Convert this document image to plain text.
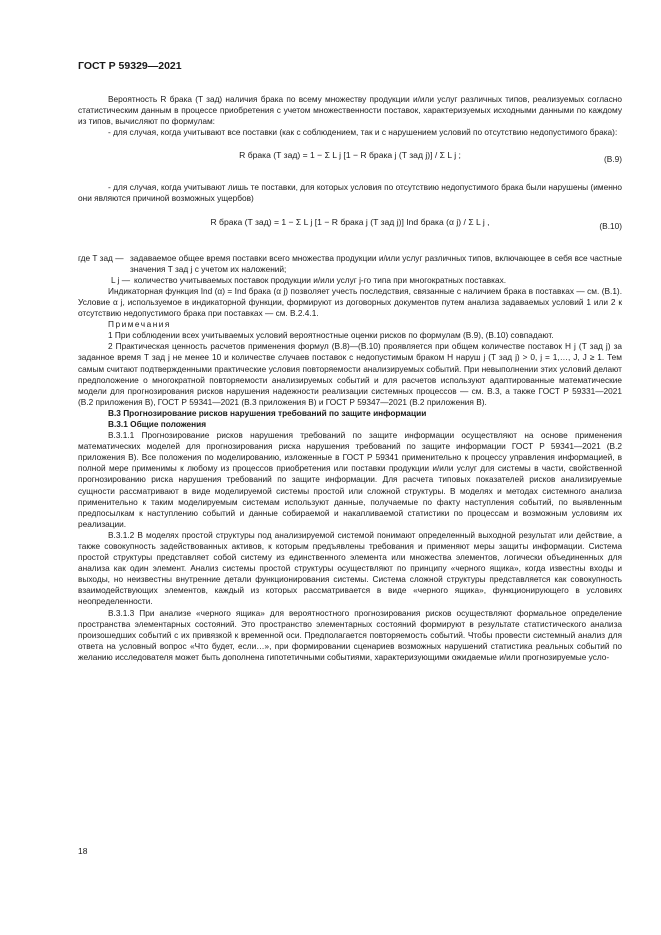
ГОСТ Р 59329—2021

Вероятность R брака (T зад) наличия брака по всему множеству продукции и/или услуг различных типов, реализуемых согласно статистическим данным в процессе приобретения с учетом множественности поставок, характеризуемых исходными данными по каждому из типов, вычисляют по формулам:

- для случая, когда учитывают все поставки (как с соблюдением, так и с нарушением условий по отсутствию недопустимого брака):

R брака (T зад) = 1 − Σ L j [1 − R брака j (T зад j)] / Σ L j ;	(В.9)

- для случая, когда учитывают лишь те поставки, для которых условия по отсутствию недопустимого брака были нарушены (именно они являются причиной возможных ущербов)

R брака (T зад) = 1 − Σ L j [1 − R брака j (T зад j)] Ind брака (α j) / Σ L j ,	(В.10)
где T зад — задаваемое общее время поставки всего множества продукции и/или услуг различных типов, включающее в себя все частные значения T зад j с учетом их наложений;
L j — количество учитываемых поставок продукции и/или услуг j-го типа при многократных поставках.

Индикаторная функция Ind (α) = Ind брака (α j) позволяет учесть последствия, связанные с наличием брака в поставках — см. (В.1). Условие α j, используемое в индикаторной функции, формируют из договорных документов путем анализа задаваемых условий 1 или 2 к отсутствию недопустимого брака при поставках — см. В.2.4.1.

Примечания

1 При соблюдении всех учитываемых условий вероятностные оценки рисков по формулам (В.9), (В.10) совпадают.

2 Практическая ценность расчетов применения формул (В.8)—(В.10) проявляется при общем количестве поставок H j (T зад j) за заданное время T зад j не менее 10 и количестве случаев поставок с недопустимым браком H наруш j (T зад j) > 0, j = 1,…, J, J ≥ 1. Тем самым считают подтвержденными практические условия повторяемости анализируемых событий. При невыполнении этих условий делают предположение о многократной повторяемости анализируемых событий и для расчетов используют адаптированные математические модели для прогнозирования рисков нарушения надежности реализации системных процессов — см. В.3, а также ГОСТ Р 59331—2021 (В.2 приложения В), ГОСТ Р 59341—2021 (В.3 приложения В) и ГОСТ Р 59347—2021 (В.2 приложения В).

В.3 Прогнозирование рисков нарушения требований по защите информации

В.3.1 Общие положения

В.3.1.1 Прогнозирование рисков нарушения требований по защите информации осуществляют на основе применения математических моделей для прогнозирования риска нарушения требований по защите информации ГОСТ Р 59341—2021 (В.2 приложения В). Все положения по моделированию, изложенные в ГОСТ Р 59341 применительно к процессу управления информацией, в полной мере применимы к любому из процессов приобретения или поставки продукции и/или услуг для системы в части, свойственной прогнозированию риска нарушения требований по защите информации. Для расчета типовых показателей рисков анализируемые сущности рассматривают в виде моделируемой системы простой или сложной структуры. В моделях и методах системного анализа применительно к таким моделируемым системам используют данные, получаемые по факту наступления событий, по выявленным предпосылкам к наступлению событий и данные собираемой и накапливаемой статистики по процессам и возможным условиям их реализации.

В.3.1.2 В моделях простой структуры под анализируемой системой понимают определенный выходной результат или действие, а также совокупность задействованных активов, к которым предъявлены требования и применяют меры защиты информации. Система простой структуры представляет собой систему из единственного элемента или множества элементов, логически объединенных для анализа как один элемент. Анализ системы простой структуры осуществляют по принципу «черного ящика», когда известны входы и выходы, но неизвестны внутренние детали функционирования системы. Система сложной структуры представляется как совокупность взаимодействующих элементов, каждый из которых рассматривается в виде «черного ящика», функционирующего в условиях неопределенности.

В.3.1.3 При анализе «черного ящика» для вероятностного прогнозирования рисков осуществляют формальное определение пространства элементарных состояний. Это пространство элементарных состояний формируют в результате статистического анализа произошедших событий с их привязкой к временной оси. Предполагается повторяемость событий. Чтобы провести системный анализ для ответа на условный вопрос «Что будет, если…», при формировании сценариев возможных нарушений статистика реальных событий по желанию исследователя может быть дополнена гипотетичными событиями, характеризующими ожидаемые и/или прогнозируемые усло-

18
